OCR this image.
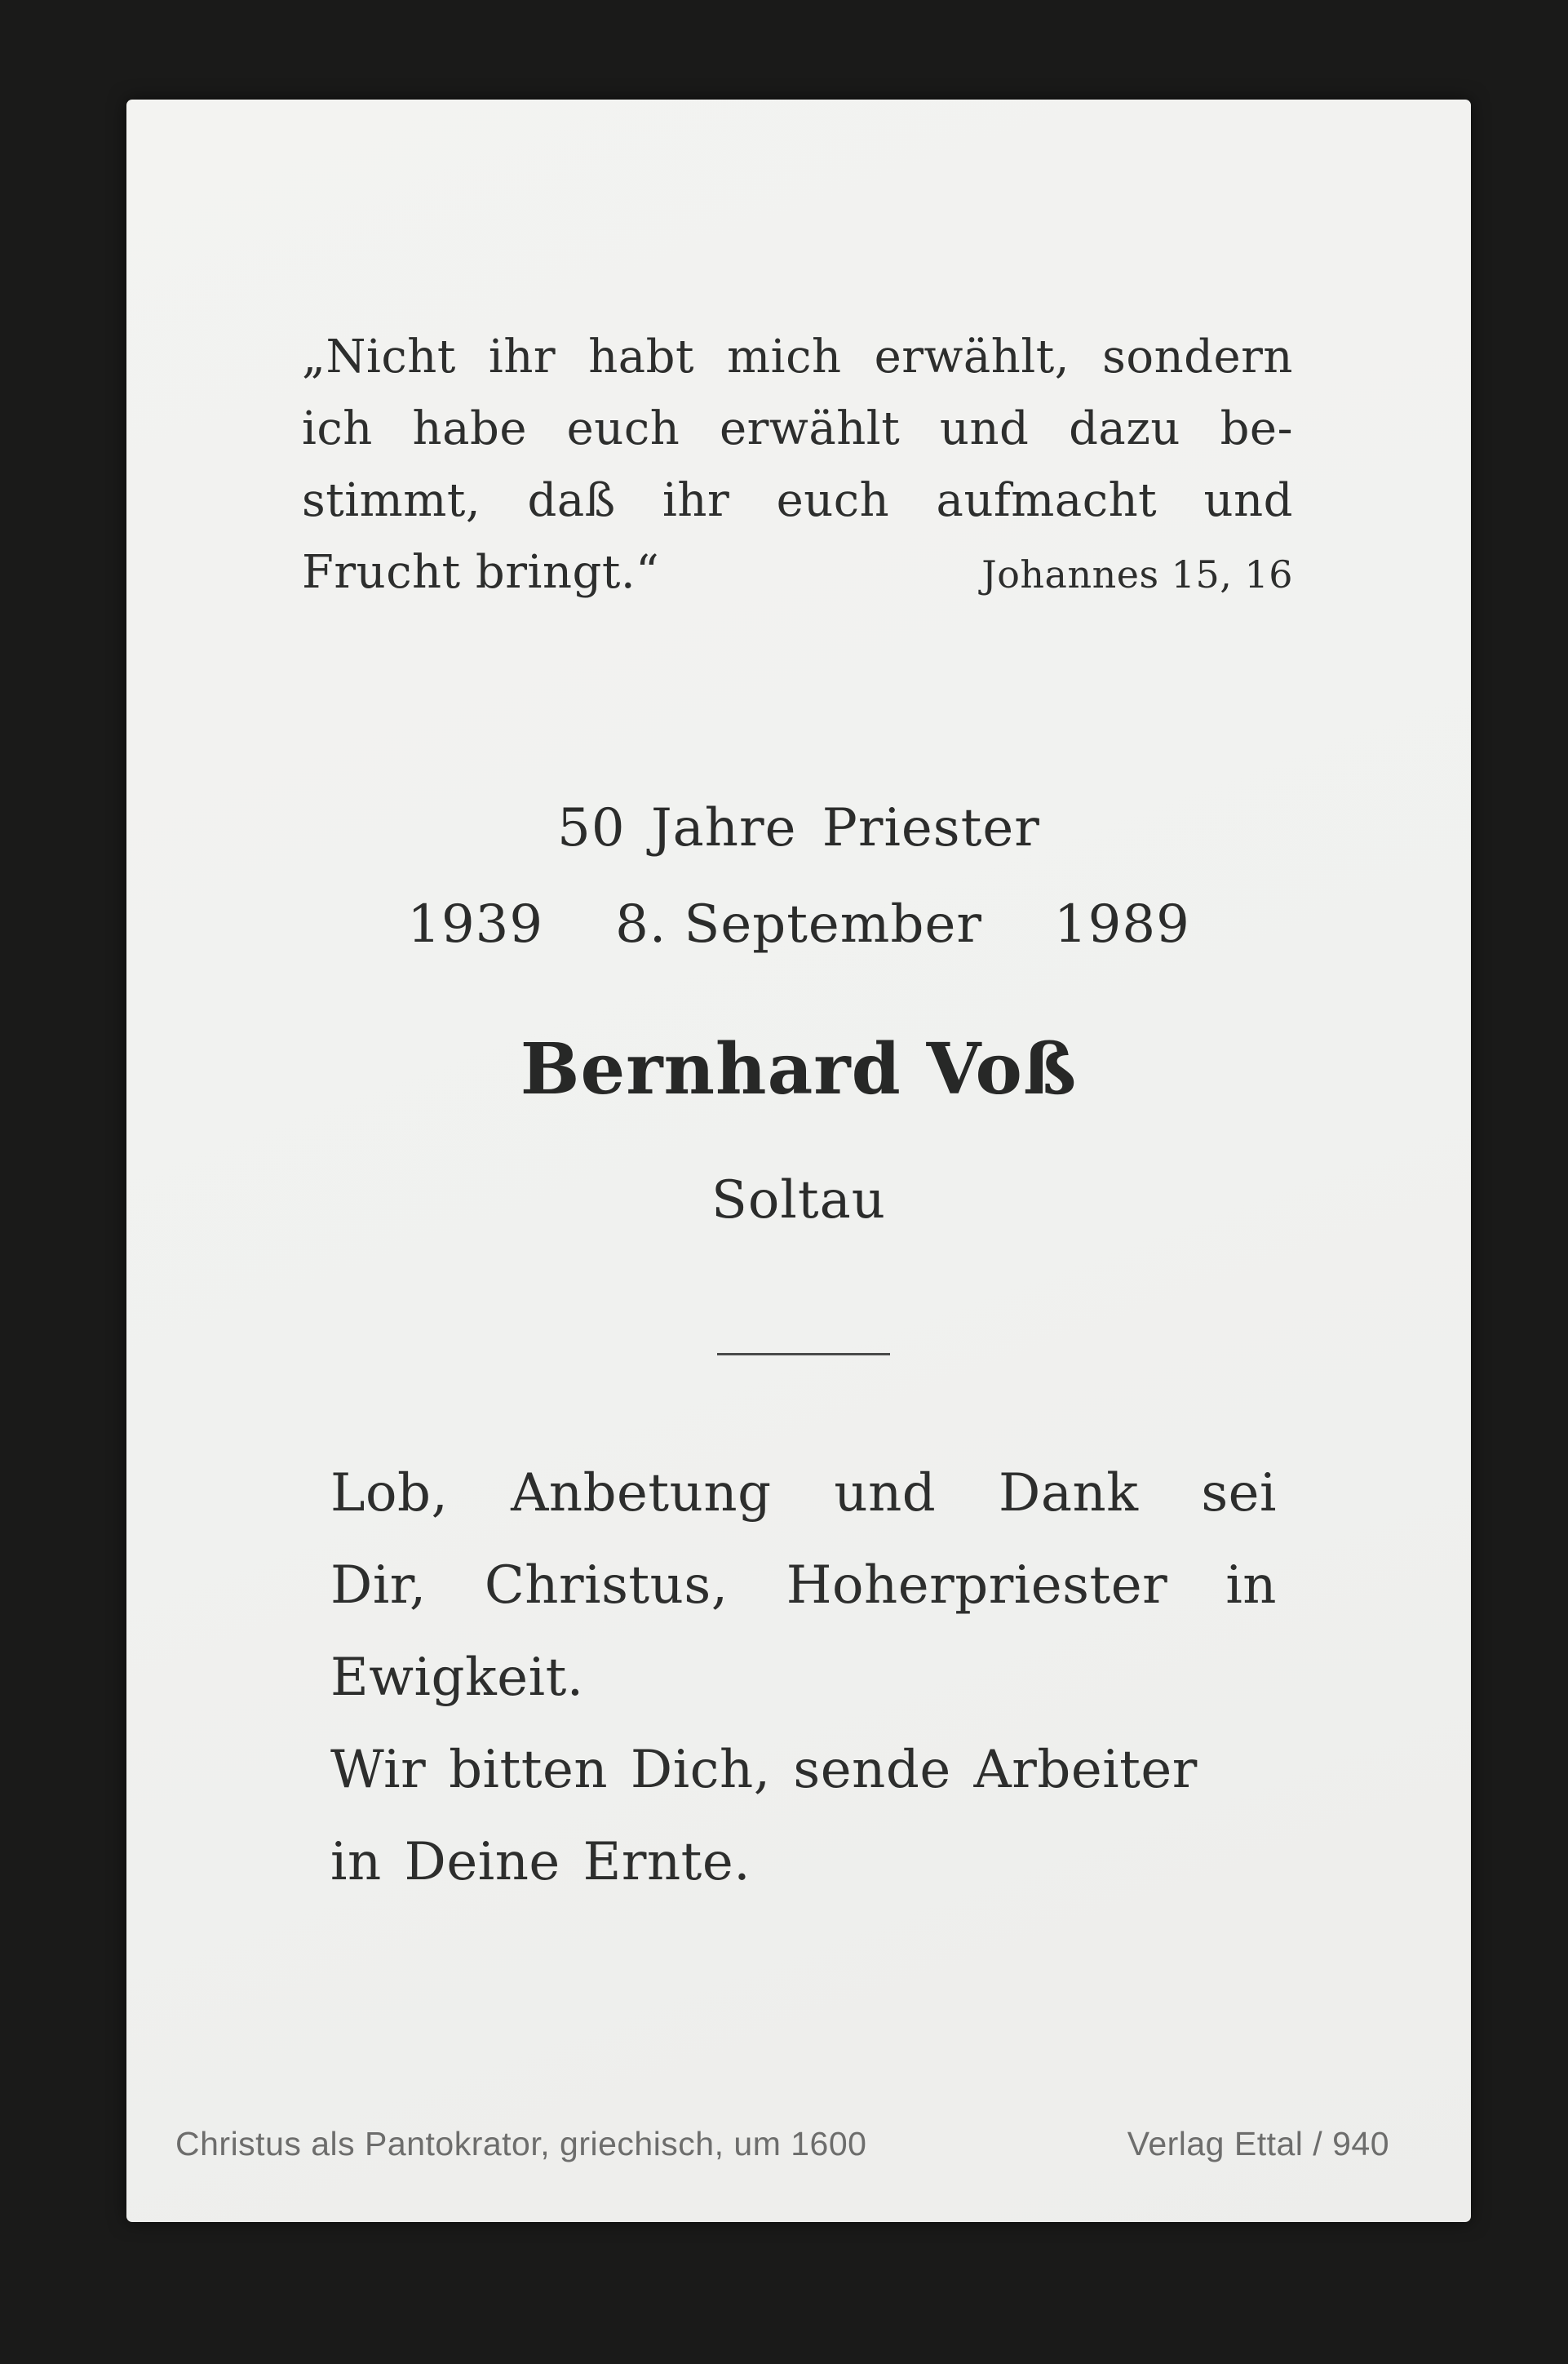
„Nicht ihr habt mich erwählt, sondern
ich habe euch erwählt und dazu be-
stimmt, daß ihr euch aufmacht und
Frucht bringt.“	Johannes 15, 16
50 Jahre Priester
1939 8. September 1989
Bernhard Voß
Soltau
Lob, Anbetung und Dank sei
Dir, Christus, Hoherpriester in
Ewigkeit.
Wir bitten Dich, sende Arbeiter
in Deine Ernte.
Christus als Pantokrator, griechisch, um 1600	Verlag Ettal / 940
